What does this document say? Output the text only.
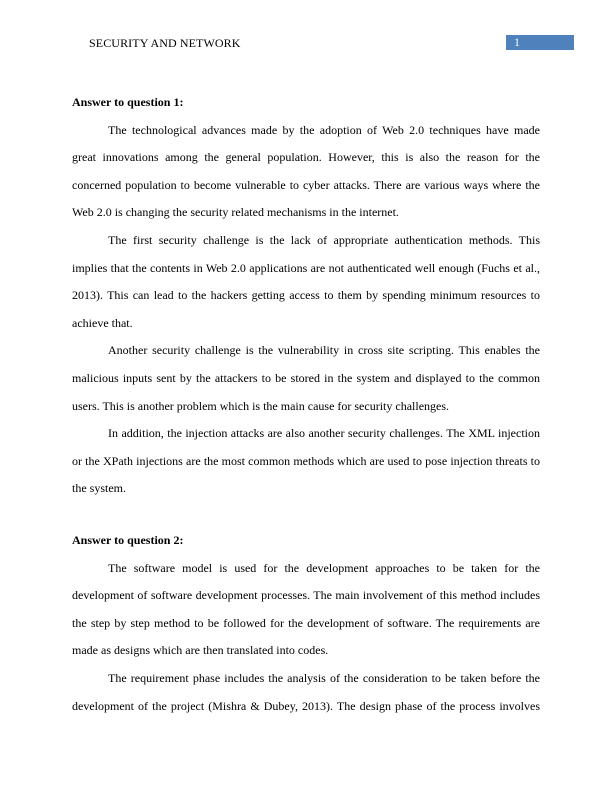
SECURITY AND NETWORK	1
Answer to question 1:
The technological advances made by the adoption of Web 2.0 techniques have made
great innovations among the general population. However, this is also the reason for the
concerned population to become vulnerable to cyber attacks. There are various ways where the
Web 2.0 is changing the security related mechanisms in the internet.
The first security challenge is the lack of appropriate authentication methods. This
implies that the contents in Web 2.0 applications are not authenticated well enough (Fuchs et al.,
2013). This can lead to the hackers getting access to them by spending minimum resources to
achieve that.
Another security challenge is the vulnerability in cross site scripting. This enables the
malicious inputs sent by the attackers to be stored in the system and displayed to the common
users. This is another problem which is the main cause for security challenges.
In addition, the injection attacks are also another security challenges. The XML injection
or the XPath injections are the most common methods which are used to pose injection threats to
the system.
Answer to question 2:
The software model is used for the development approaches to be taken for the
development of software development processes. The main involvement of this method includes
the step by step method to be followed for the development of software. The requirements are
made as designs which are then translated into codes.
The requirement phase includes the analysis of the consideration to be taken before the
development of the project (Mishra & Dubey, 2013). The design phase of the process involves
